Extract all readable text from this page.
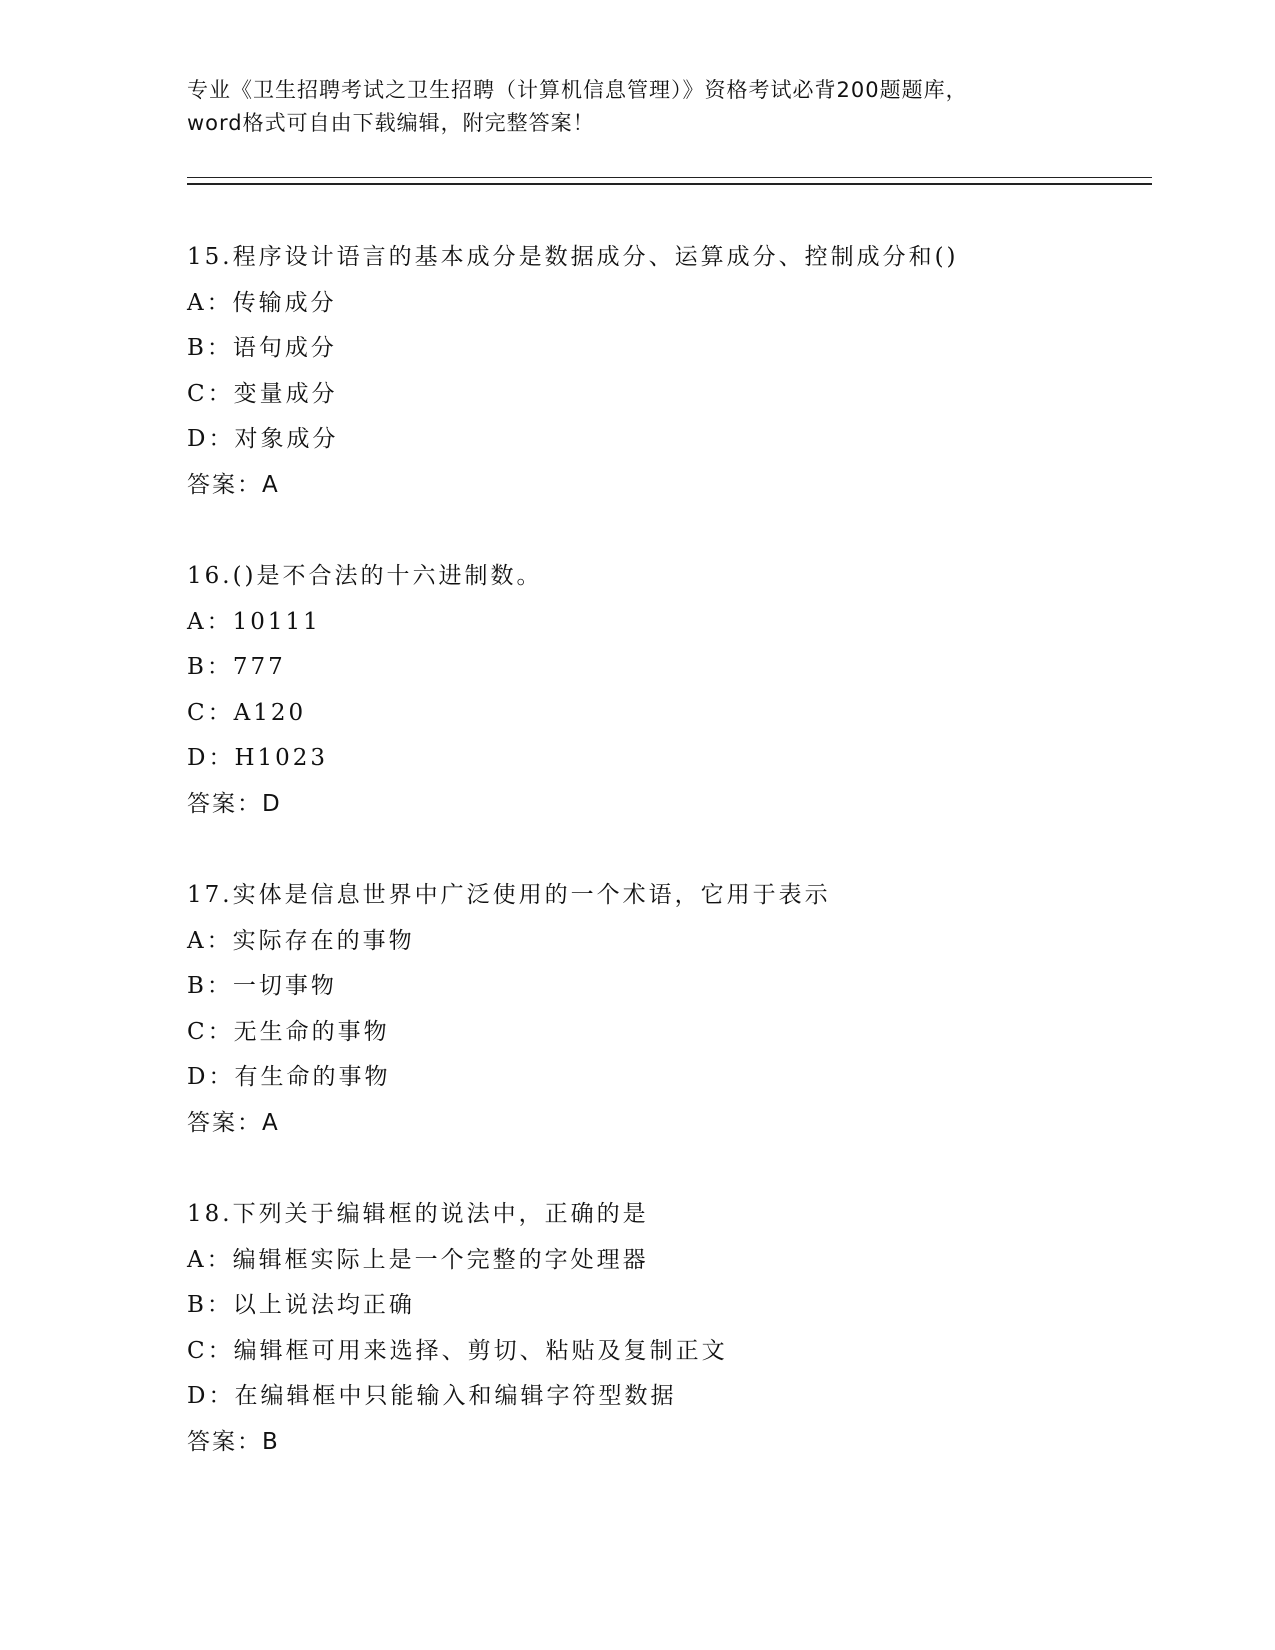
专业《卫生招聘考试之卫生招聘（计算机信息管理）》资格考试必背200题题库，
word格式可自由下载编辑，附完整答案！
15.程序设计语言的基本成分是数据成分、运算成分、控制成分和()
A：传输成分
B：语句成分
C：变量成分
D：对象成分
答案：A
16.()是不合法的十六进制数。
A：10111
B：777
C：A120
D：H1023
答案：D
17.实体是信息世界中广泛使用的一个术语，它用于表示
A：实际存在的事物
B：一切事物
C：无生命的事物
D：有生命的事物
答案：A
18.下列关于编辑框的说法中，正确的是
A：编辑框实际上是一个完整的字处理器
B：以上说法均正确
C：编辑框可用来选择、剪切、粘贴及复制正文
D：在编辑框中只能输入和编辑字符型数据
答案：B
